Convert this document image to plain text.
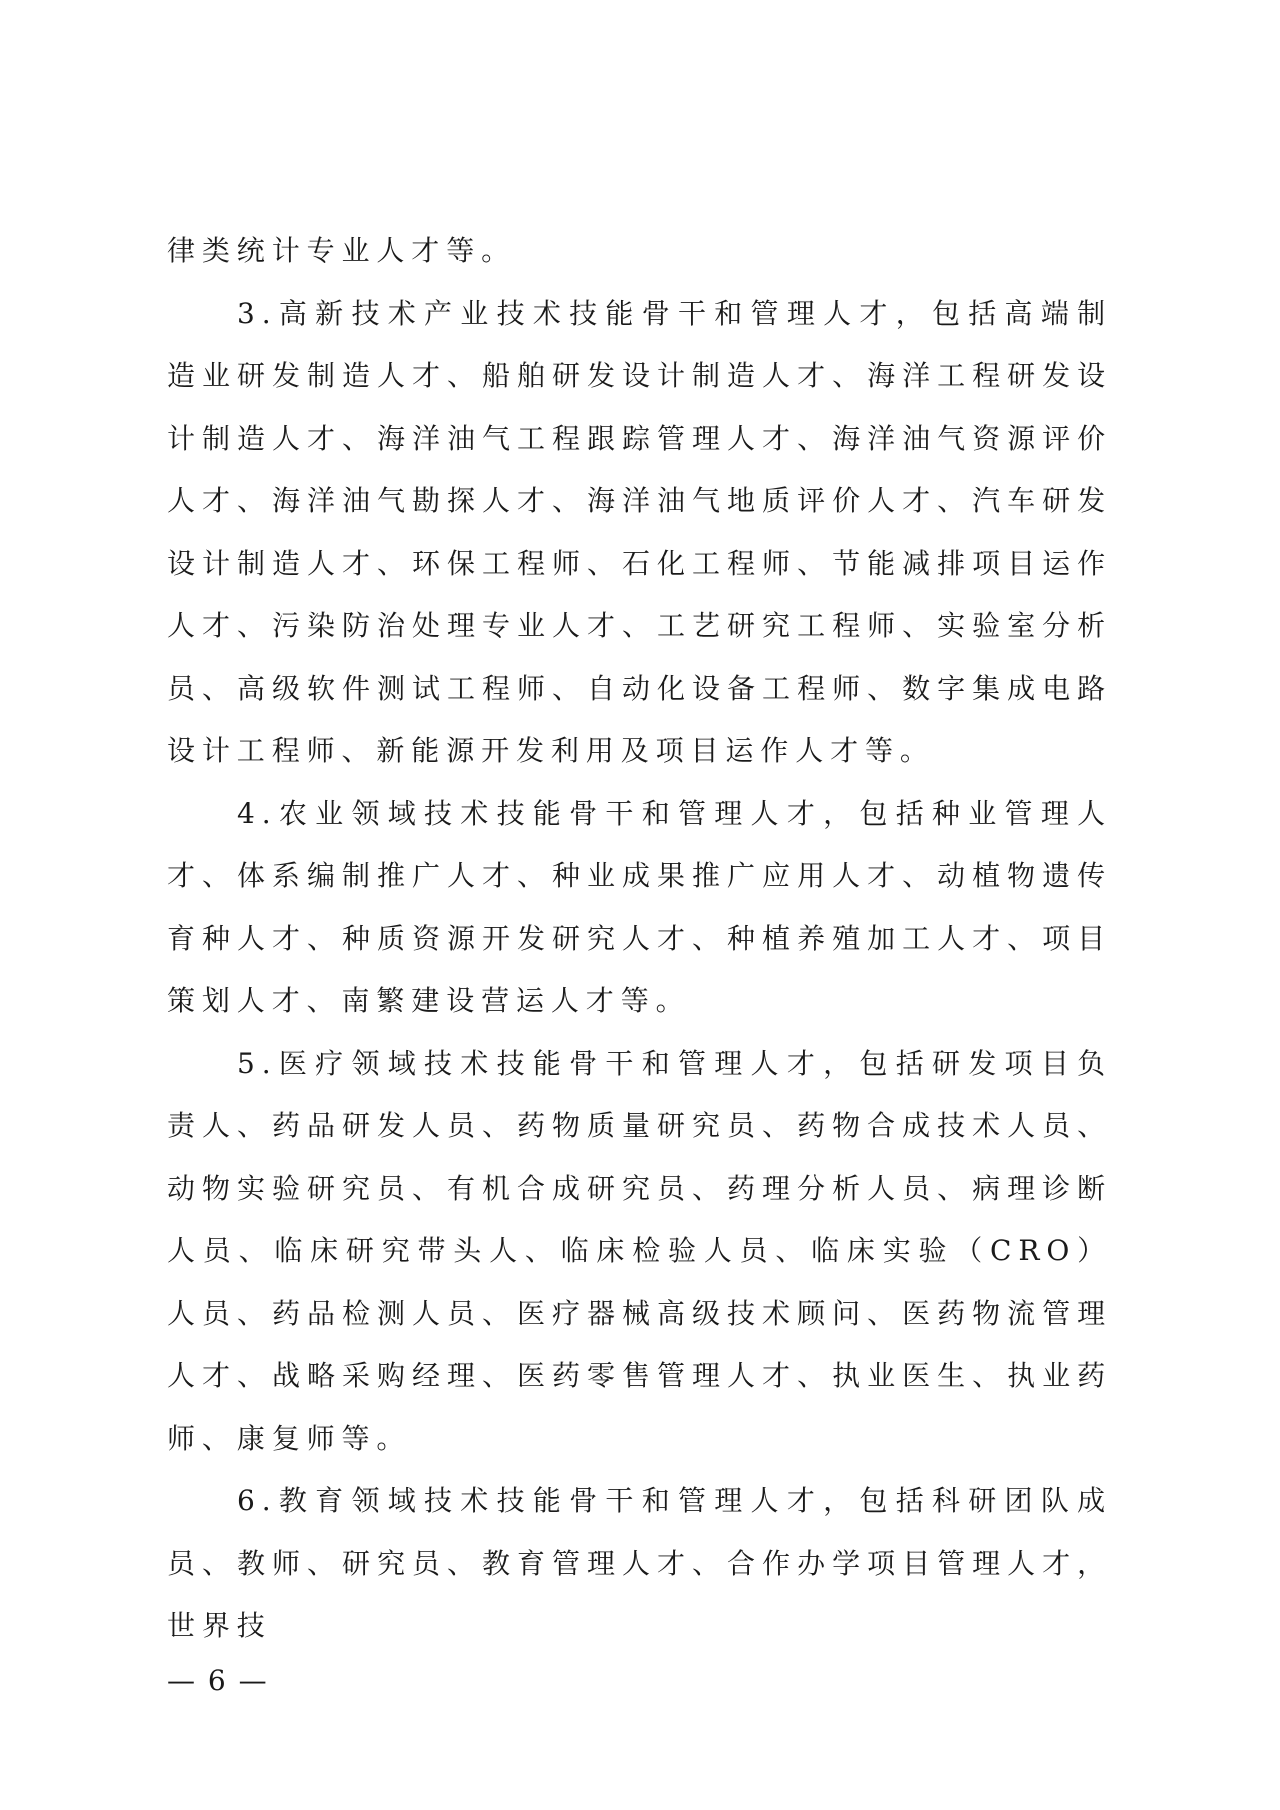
律类统计专业人才等。

3.高新技术产业技术技能骨干和管理人才，包括高端制造业研发制造人才、船舶研发设计制造人才、海洋工程研发设计制造人才、海洋油气工程跟踪管理人才、海洋油气资源评价人才、海洋油气勘探人才、海洋油气地质评价人才、汽车研发设计制造人才、环保工程师、石化工程师、节能减排项目运作人才、污染防治处理专业人才、工艺研究工程师、实验室分析员、高级软件测试工程师、自动化设备工程师、数字集成电路设计工程师、新能源开发利用及项目运作人才等。

4.农业领域技术技能骨干和管理人才，包括种业管理人才、体系编制推广人才、种业成果推广应用人才、动植物遗传育种人才、种质资源开发研究人才、种植养殖加工人才、项目策划人才、南繁建设营运人才等。

5.医疗领域技术技能骨干和管理人才，包括研发项目负责人、药品研发人员、药物质量研究员、药物合成技术人员、动物实验研究员、有机合成研究员、药理分析人员、病理诊断人员、临床研究带头人、临床检验人员、临床实验（CRO）人员、药品检测人员、医疗器械高级技术顾问、医药物流管理人才、战略采购经理、医药零售管理人才、执业医生、执业药师、康复师等。

6.教育领域技术技能骨干和管理人才，包括科研团队成员、教师、研究员、教育管理人才、合作办学项目管理人才，世界技

— 6 —
